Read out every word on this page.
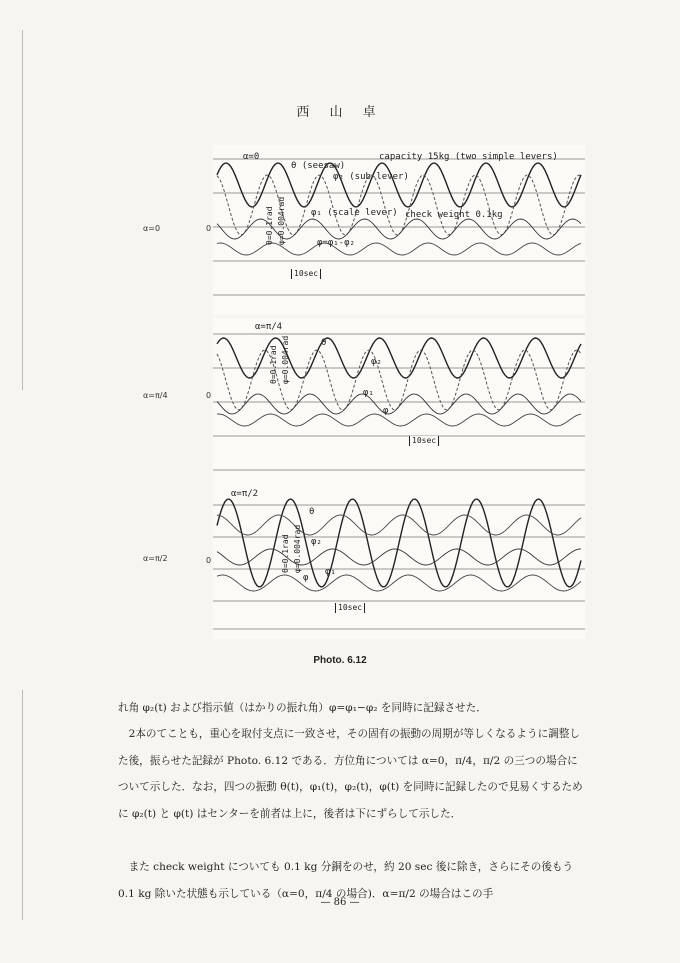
西 山 卓
α=0	0
α=0	capacity 15kg (two simple levers)
θ (seesaw)
φ₂ (sub-lever)
φ₁ (scale lever) check weight 0.1kg
φ=φ₁-φ₂
θ=0.1rad φ=0.004rad
10sec
α=π/4	0
α=π/4
θ
φ₂
φ₁
φ
θ=0.1rad φ=0.004rad
10sec
α=π/2	0
α=π/2
θ
φ₂
φ₁
φ
θ=0.1rad φ=0.004rad
10sec
Photo. 6.12
れ角 φ₂(t) および指示値（はかりの振れ角）φ=φ₁−φ₂ を同時に記録させた．
　2本のてことも，重心を取付支点に一致させ，その固有の振動の周期が等しくなるように調整した後，振らせた記録が Photo. 6.12 である．方位角については α=0，π/4，π/2 の三つの場合について示した．なお，四つの振動 θ(t)，φ₁(t)，φ₂(t)，φ(t) を同時に記録したので見易くするために φ₂(t) と φ(t) はセンターを前者は上に，後者は下にずらして示した．
　また check weight についても 0.1 kg 分銅をのせ，約 20 sec 後に除き，さらにその後もう 0.1 kg 除いた状態も示している（α=0，π/4 の場合)．α=π/2 の場合はこの手
— 86 —
